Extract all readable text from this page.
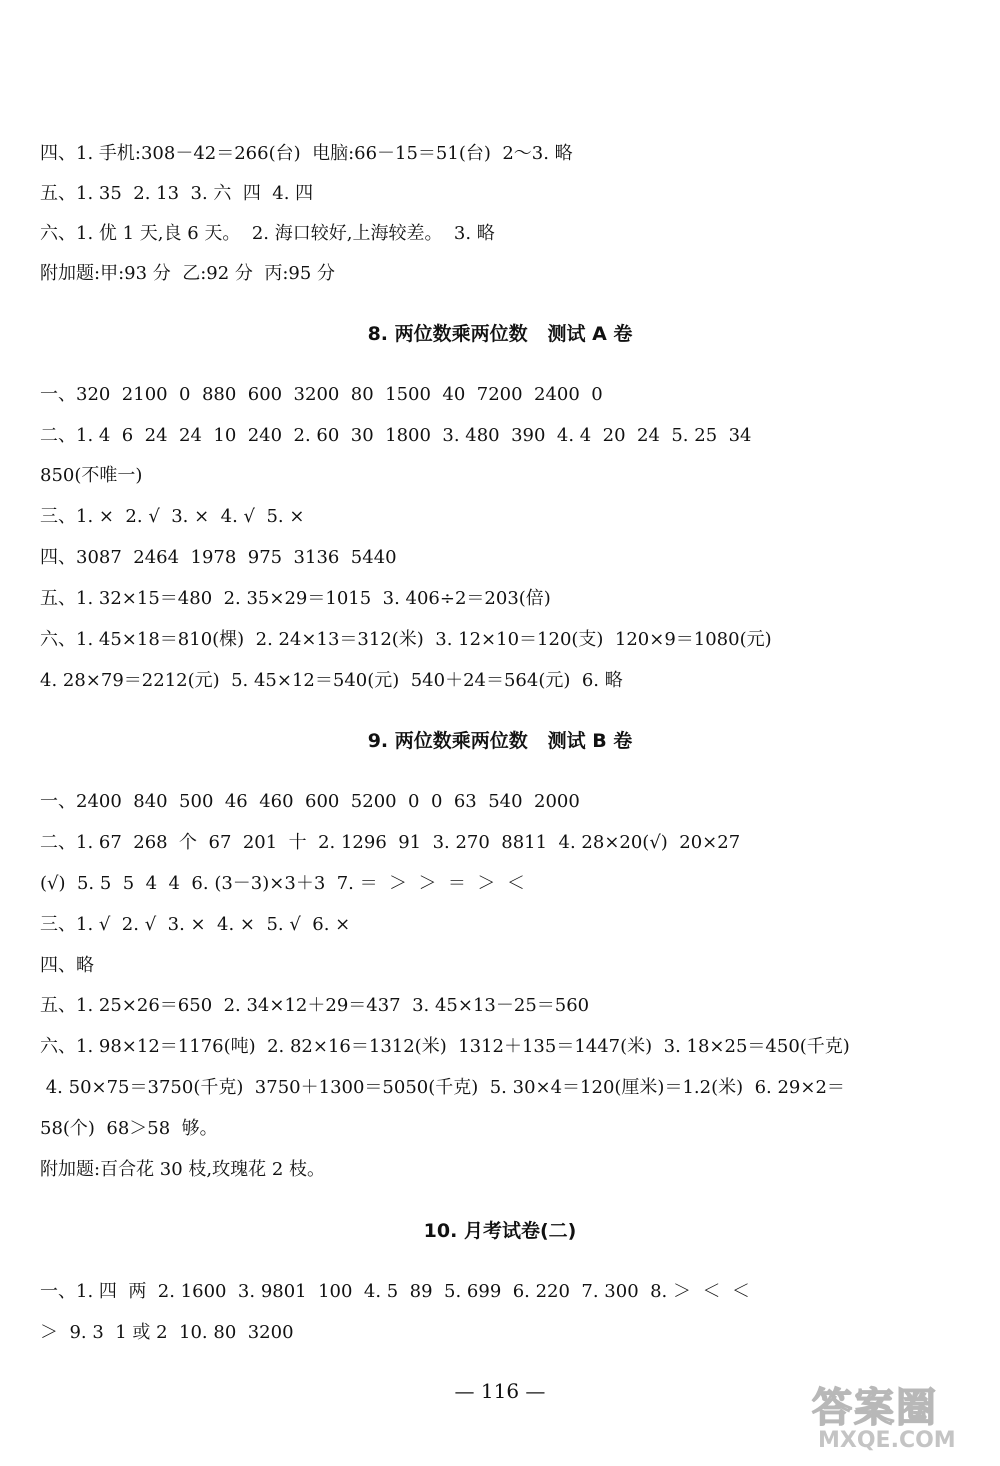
四、1. 手机:308－42＝266(台)  电脑:66－15＝51(台)  2～3. 略
五、1. 35  2. 13  3. 六  四  4. 四
六、1. 优 1 天,良 6 天。  2. 海口较好,上海较差。  3. 略
附加题:甲:93 分  乙:92 分  丙:95 分
8. 两位数乘两位数   测试 A 卷
一、320  2100  0  880  600  3200  80  1500  40  7200  2400  0
二、1. 4  6  24  24  10  240  2. 60  30  1800  3. 480  390  4. 4  20  24  5. 25  34
850(不唯一)
三、1. ×  2. √  3. ×  4. √  5. ×
四、3087  2464  1978  975  3136  5440
五、1. 32×15＝480  2. 35×29＝1015  3. 406÷2＝203(倍)
六、1. 45×18＝810(棵)  2. 24×13＝312(米)  3. 12×10＝120(支)  120×9＝1080(元)
4. 28×79＝2212(元)  5. 45×12＝540(元)  540＋24＝564(元)  6. 略
9. 两位数乘两位数   测试 B 卷
一、2400  840  500  46  460  600  5200  0  0  63  540  2000
二、1. 67  268  个  67  201  十  2. 1296  91  3. 270  8811  4. 28×20(√)  20×27
(√)  5. 5  5  4  4  6. (3－3)×3＋3  7. ＝  ＞  ＞  ＝  ＞  ＜
三、1. √  2. √  3. ×  4. ×  5. √  6. ×
四、略
五、1. 25×26＝650  2. 34×12＋29＝437  3. 45×13－25＝560
六、1. 98×12＝1176(吨)  2. 82×16＝1312(米)  1312＋135＝1447(米)  3. 18×25＝450(千克)
4. 50×75＝3750(千克)  3750＋1300＝5050(千克)  5. 30×4＝120(厘米)＝1.2(米)  6. 29×2＝
58(个)  68＞58  够。
附加题:百合花 30 枝,玫瑰花 2 枝。
10. 月考试卷(二)
一、1. 四  两  2. 1600  3. 9801  100  4. 5  89  5. 699  6. 220  7. 300  8. ＞  ＜  ＜
＞  9. 3  1 或 2  10. 80  3200
— 116 —	答案圈
MXQE.COM
